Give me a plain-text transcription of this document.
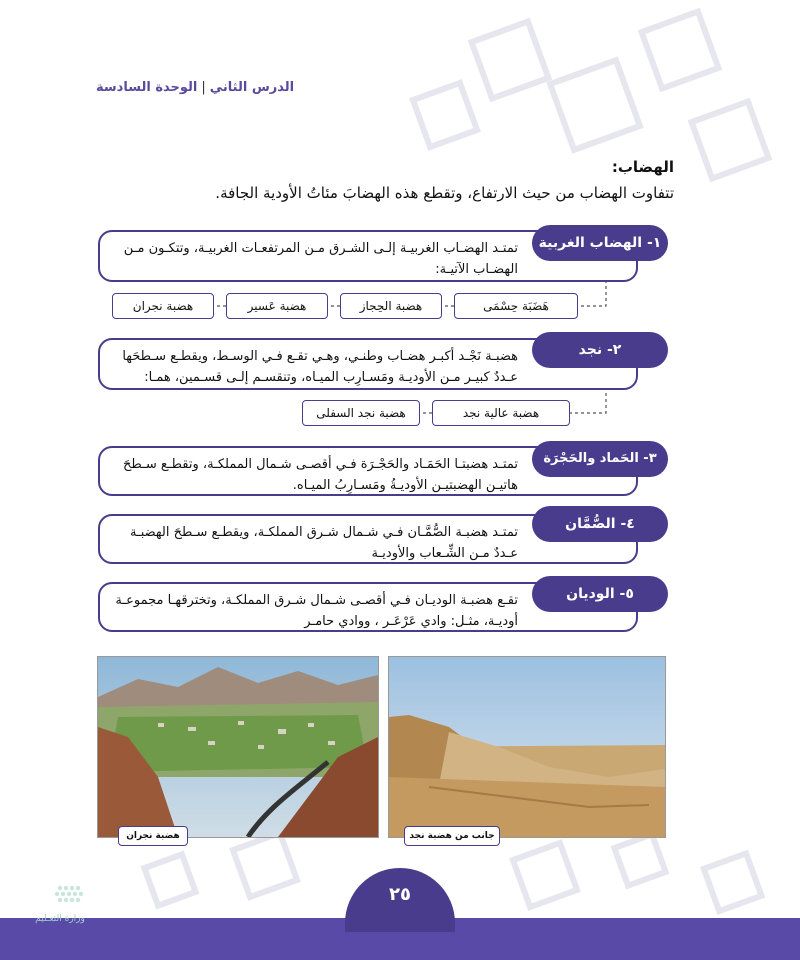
الدرس الثاني|الوحدة السادسة
الهضاب:
تتفاوت الهضاب من حيث الارتفاع، وتقطع هذه الهضابَ مئاتُ الأودية الجافة.
تمتـد الهضـاب الغربيـة إلـى الشـرق مـن المرتفعـات الغربيـة، وتتكـون مـن الهضـاب الآتيـة:
١- الهضاب الغربية
هَضَبَة حِسْمَى
هضبة الحِجاز
هضبة عَسير
هضبة نجران
هضبـة نَجْـد أكبـر هضـاب وطنـي، وهـي تقـع فـي الوسـط، ويقطـع سـطحَها عـددٌ كبيـر مـن الأوديـة ومَسـارِب الميـاه، وتنقسـم إلـى قسـمين، همـا:
٢- نجد
هضبة عالية نجد
هضبة نجد السفلى
تمتـد هضبتـا الحَمَـاد والحَجْـرَة فـي أقصـى شـمال المملكـة، وتقطـع سـطحَ هاتيـن الهضبتيـن الأوديـةُ ومَسـارِبُ الميـاه.
٣- الحَماد والحَجْرَة
تمتـد هضبـة الصُّمَّـان فـي شـمال شـرق المملكـة، ويقطـع سـطحَ الهضبـة عـددٌ مـن الشِّـعاب والأوديـة
٤- الصُّمَّان
تقـع هضبـة الوديـان فـي أقصـى شـمال شـرق المملكـة، وتخترقهـا مجموعـة أوديـة، مثـل: وادي عَرْعَـر ، ووادي حامـر
٥- الوديان
هضبة نجران	جانب من هضبة نجد
٢٥
وزارة التعـليم
